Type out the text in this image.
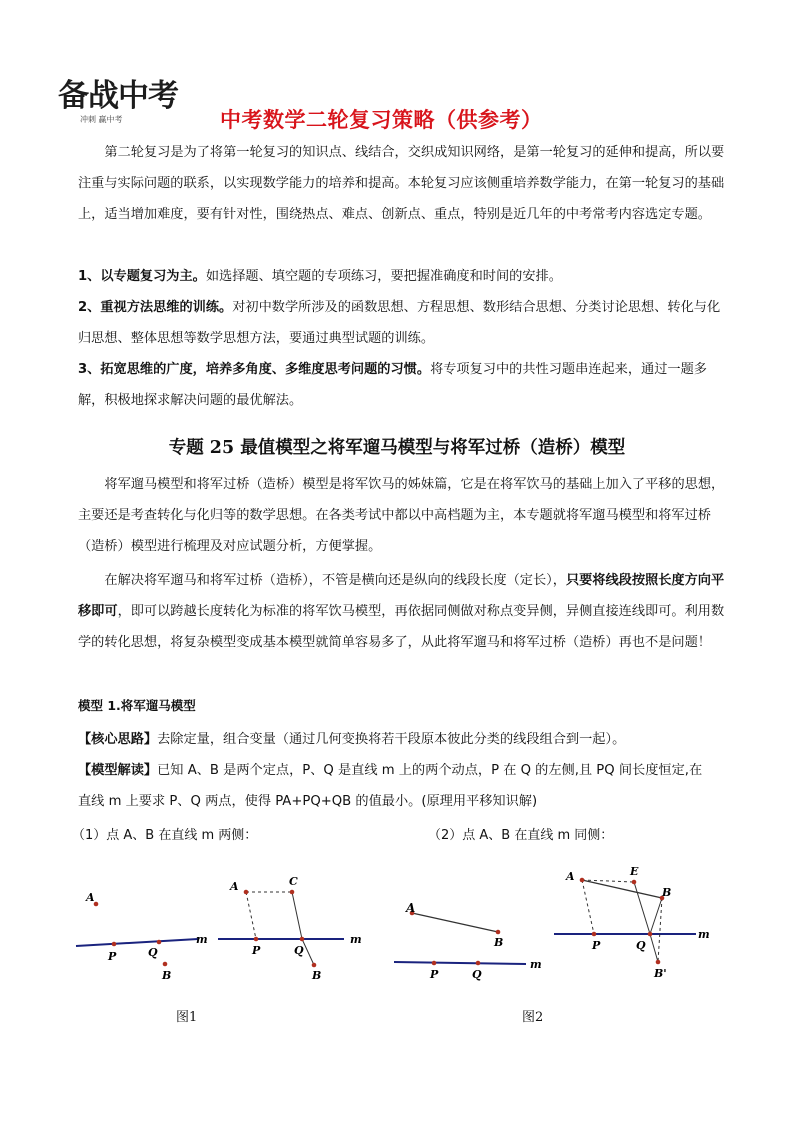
备战中考
冲刺 赢中考	中考数学二轮复习策略（供参考）

第二轮复习是为了将第一轮复习的知识点、线结合，交织成知识网络，是第一轮复习的延伸和提高，所以要注重与实际问题的联系，以实现数学能力的培养和提高。本轮复习应该侧重培养数学能力，在第一轮复习的基础上，适当增加难度，要有针对性，围绕热点、难点、创新点、重点，特别是近几年的中考常考内容选定专题。

1、以专题复习为主。如选择题、填空题的专项练习，要把握准确度和时间的安排。

2、重视方法思维的训练。对初中数学所涉及的函数思想、方程思想、数形结合思想、分类讨论思想、转化与化归思想、整体思想等数学思想方法，要通过典型试题的训练。

3、拓宽思维的广度，培养多角度、多维度思考问题的习惯。将专项复习中的共性习题串连起来，通过一题多解，积极地探求解决问题的最优解法。

专题 25 最值模型之将军遛马模型与将军过桥（造桥）模型

将军遛马模型和将军过桥（造桥）模型是将军饮马的姊妹篇，它是在将军饮马的基础上加入了平移的思想，主要还是考查转化与化归等的数学思想。在各类考试中都以中高档题为主，本专题就将军遛马模型和将军过桥（造桥）模型进行梳理及对应试题分析，方便掌握。

在解决将军遛马和将军过桥（造桥），不管是横向还是纵向的线段长度（定长），只要将线段按照长度方向平移即可，即可以跨越长度转化为标准的将军饮马模型，再依据同侧做对称点变异侧，异侧直接连线即可。利用数学的转化思想，将复杂模型变成基本模型就简单容易多了，从此将军遛马和将军过桥（造桥）再也不是问题！

模型 1.将军遛马模型
【核心思路】去除定量，组合变量（通过几何变换将若干段原本彼此分类的线段组合到一起）。
【模型解读】已知 A、B 是两个定点，P、Q 是直线 m 上的两个动点，P 在 Q 的左侧,且 PQ 间长度恒定,在
直线 m 上要求 P、Q 两点，使得 PA+PQ+QB 的值最小。(原理用平移知识解)
（1）点 A、B 在直线 m 两侧：	（2）点 A、B 在直线 m 同侧：
A
P	Q
B
m
A	C
P	Q
B
m
A
B
P	Q
m
A	E
B
P	Q
B'
m
图1	图2
